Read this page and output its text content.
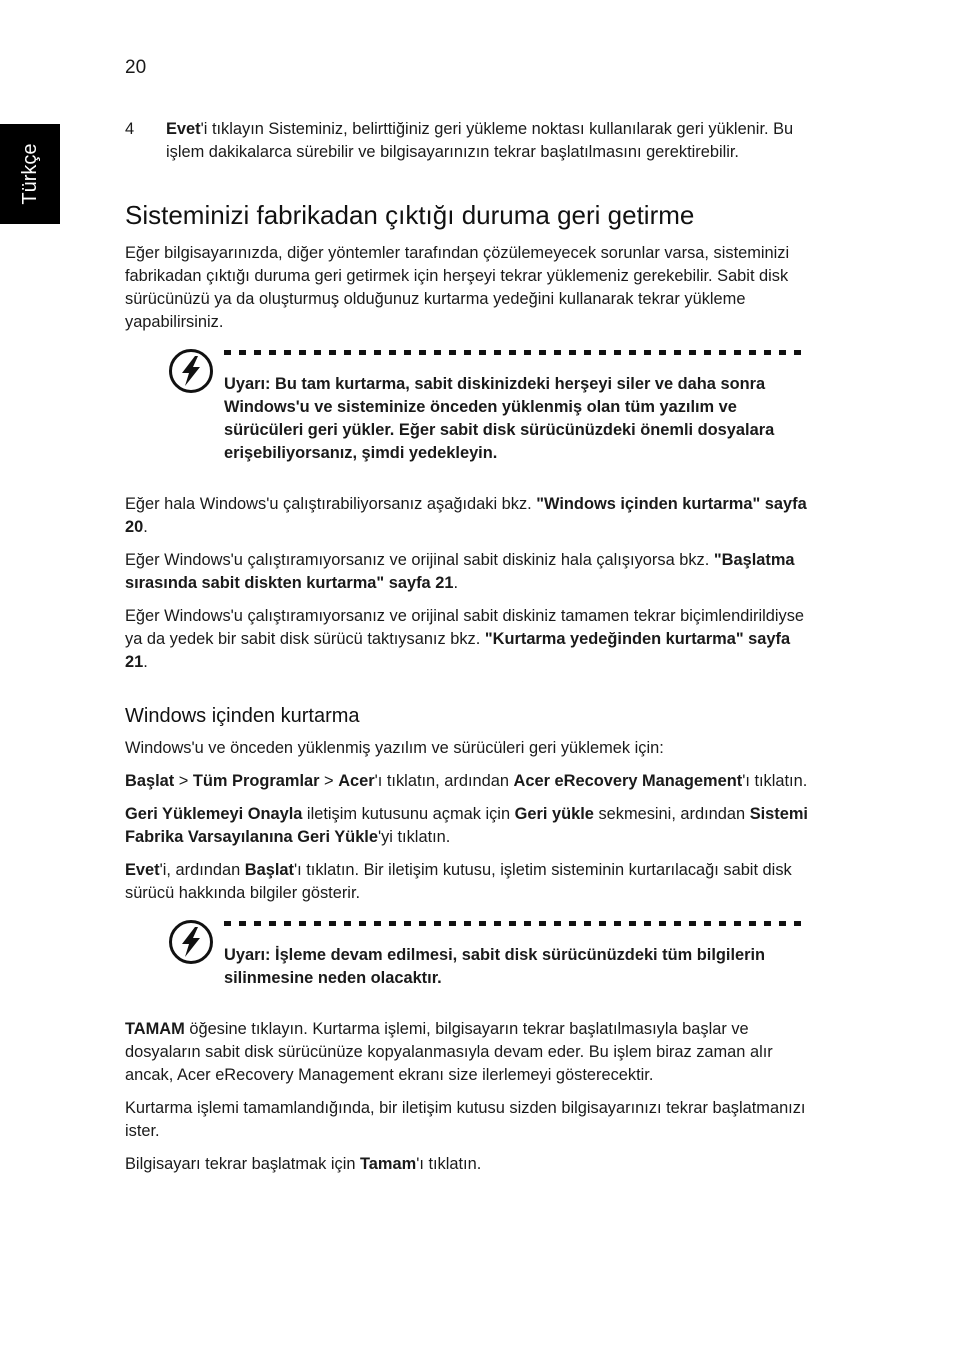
20
Türkçe
4 Evet'i tıklayın Sisteminiz, belirttiğiniz geri yükleme noktası kullanılarak geri yüklenir. Bu işlem dakikalarca sürebilir ve bilgisayarınızın tekrar başlatılmasını gerektirebilir.
Sisteminizi fabrikadan çıktığı duruma geri getirme

Eğer bilgisayarınızda, diğer yöntemler tarafından çözülemeyecek sorunlar varsa, sisteminizi fabrikadan çıktığı duruma geri getirmek için herşeyi tekrar yüklemeniz gerekebilir. Sabit disk sürücünüzü ya da oluşturmuş olduğunuz kurtarma yedeğini kullanarak tekrar yükleme yapabilirsiniz.

Uyarı: Bu tam kurtarma, sabit diskinizdeki herşeyi siler ve daha sonra Windows'u ve sisteminize önceden yüklenmiş olan tüm yazılım ve sürücüleri geri yükler. Eğer sabit disk sürücünüzdeki önemli dosyalara erişebiliyorsanız, şimdi yedekleyin.

Eğer hala Windows'u çalıştırabiliyorsanız aşağıdaki bkz. "Windows içinden kurtarma" sayfa 20.

Eğer Windows'u çalıştıramıyorsanız ve orijinal sabit diskiniz hala çalışıyorsa bkz. "Başlatma sırasında sabit diskten kurtarma" sayfa 21.

Eğer Windows'u çalıştıramıyorsanız ve orijinal sabit diskiniz tamamen tekrar biçimlendirildiyse ya da yedek bir sabit disk sürücü taktıysanız bkz. "Kurtarma yedeğinden kurtarma" sayfa 21.

Windows içinden kurtarma

Windows'u ve önceden yüklenmiş yazılım ve sürücüleri geri yüklemek için:

Başlat > Tüm Programlar > Acer'ı tıklatın, ardından Acer eRecovery Management'ı tıklatın.

Geri Yüklemeyi Onayla iletişim kutusunu açmak için Geri yükle sekmesini, ardından Sistemi Fabrika Varsayılanına Geri Yükle'yi tıklatın.

Evet'i, ardından Başlat'ı tıklatın. Bir iletişim kutusu, işletim sisteminin kurtarılacağı sabit disk sürücü hakkında bilgiler gösterir.

Uyarı: İşleme devam edilmesi, sabit disk sürücünüzdeki tüm bilgilerin silinmesine neden olacaktır.

TAMAM öğesine tıklayın. Kurtarma işlemi, bilgisayarın tekrar başlatılmasıyla başlar ve dosyaların sabit disk sürücünüze kopyalanmasıyla devam eder. Bu işlem biraz zaman alır ancak, Acer eRecovery Management ekranı size ilerlemeyi gösterecektir.

Kurtarma işlemi tamamlandığında, bir iletişim kutusu sizden bilgisayarınızı tekrar başlatmanızı ister.

Bilgisayarı tekrar başlatmak için Tamam'ı tıklatın.
